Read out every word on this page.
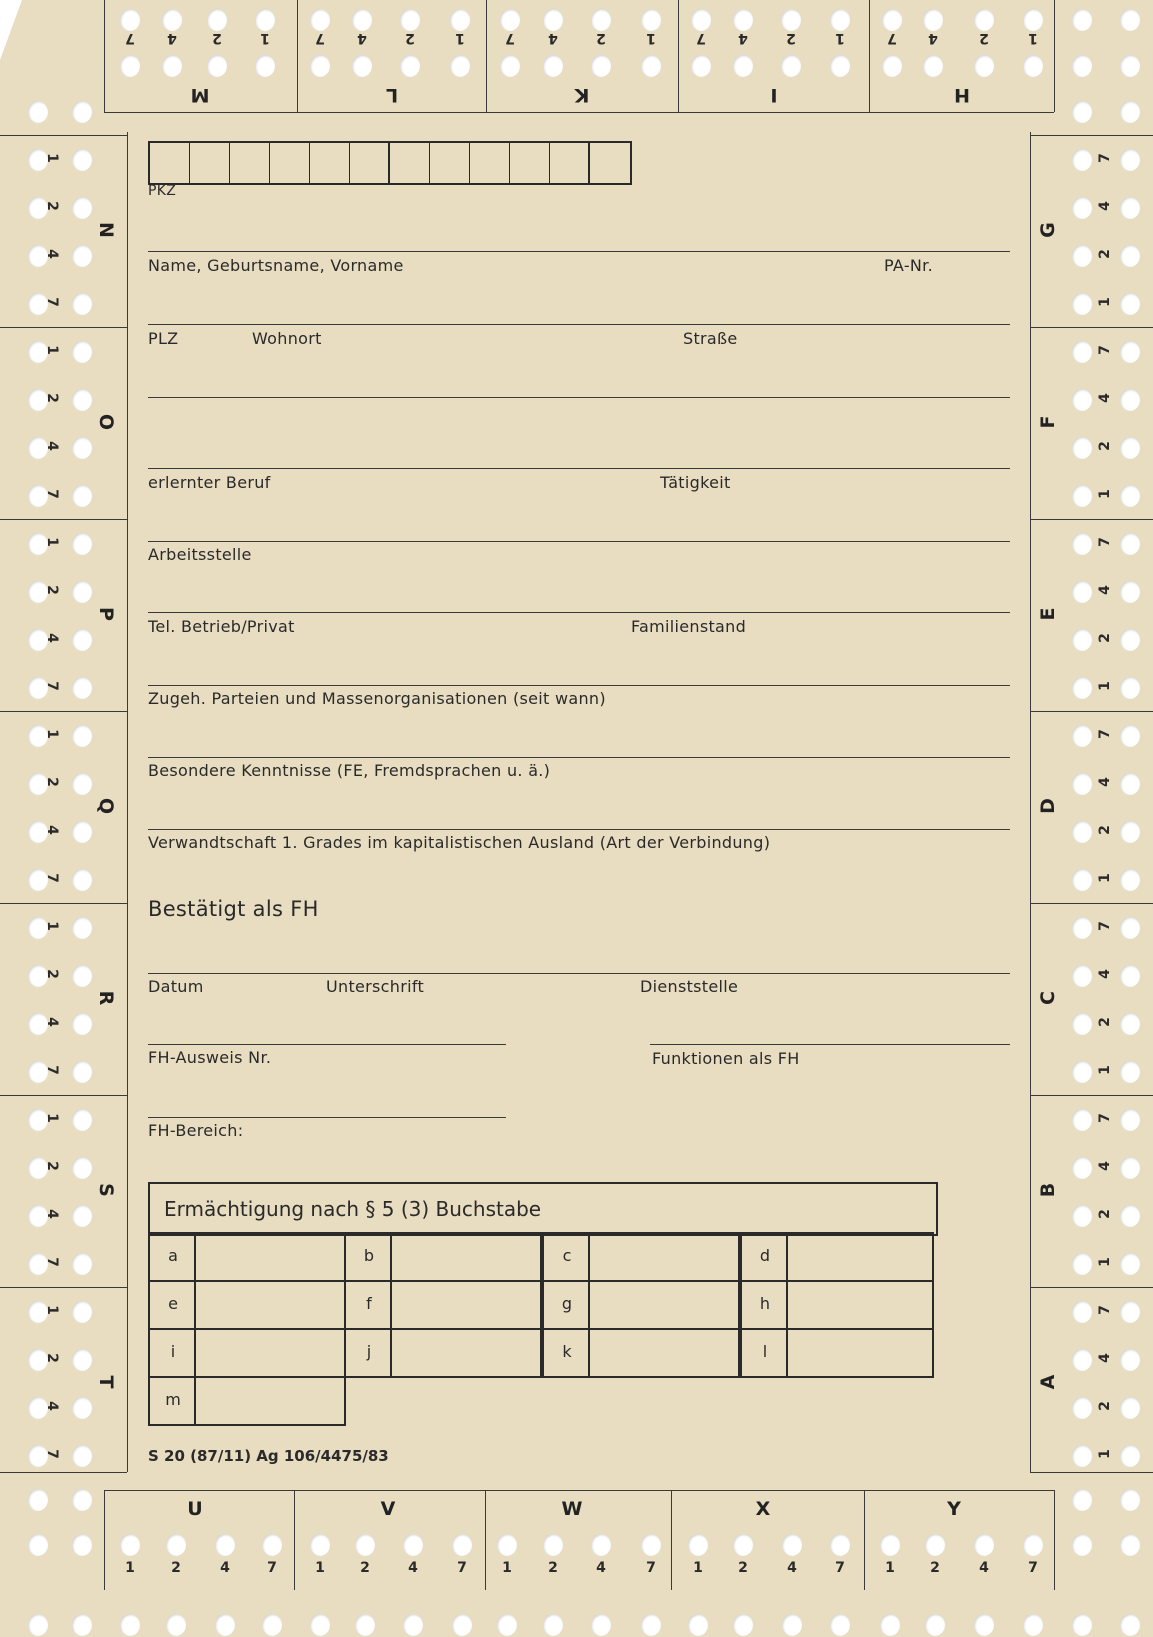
M
7 4	2	1
L
7 4	2	1
K
7 4	2	1
I
7 4	2	1
H
7 4	2	1
N	G
1	7
2	4
4	2
7	1
O	F
1	7
2	4
4	2
7	1
P	E
1	7
2	4
4	2
7	1
Q	D
1	7
2	4
4	2
7	1
R	C
1	7
2	4
4	2
7	1
S	B
1	7
2	4
4	2
7	1
T	A
1	7
2	4
4	2
7	1
U
1	2	4	7
V
1	2	4	7
W
1	2	4	7
X
1	2	4	7
Y
1	2	4	7
PKZ
Name, Geburtsname, Vorname	PA-Nr.
PLZ	Wohnort	Straße
erlernter Beruf	Tätigkeit
Arbeitsstelle
Tel. Betrieb/Privat	Familienstand
Zugeh. Parteien und Massenorganisationen (seit wann)
Besondere Kenntnisse (FE, Fremdsprachen u. ä.)
Verwandtschaft 1. Grades im kapitalistischen Ausland (Art der Verbindung)
Bestätigt als FH
Datum	Unterschrift	Dienststelle
FH-Ausweis Nr.	Funktionen als FH
FH-Bereich:
Ermächtigung nach § 5 (3) Buchstabe
a	b	c	d
e	f	g	h
i	j	k	l
m
S 20 (87/11) Ag 106/4475/83
